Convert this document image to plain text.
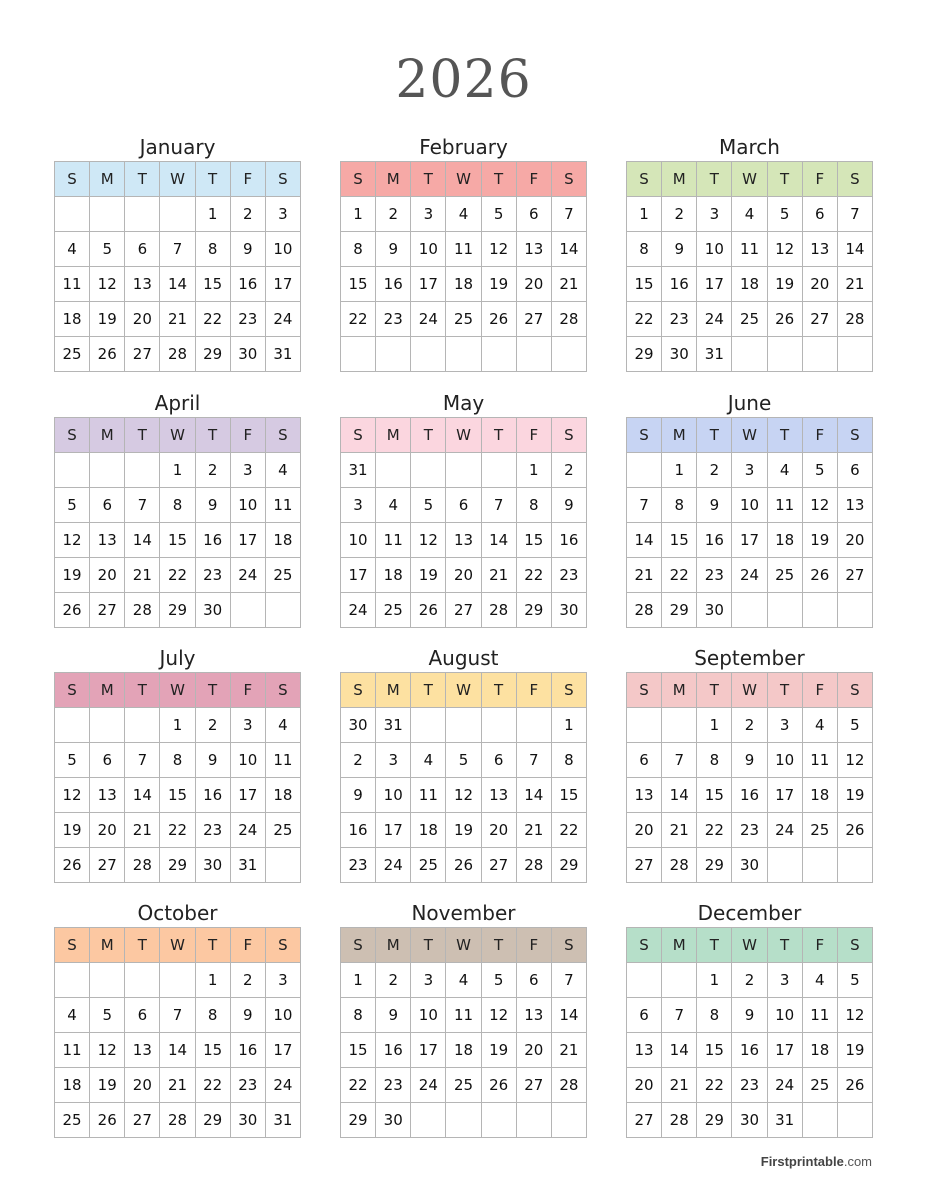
2026
January
S	M	T	W	T	F	S
				1	2	3
4	5	6	7	8	9	10
11	12	13	14	15	16	17
18	19	20	21	22	23	24
25	26	27	28	29	30	31
February
S	M	T	W	T	F	S
1	2	3	4	5	6	7
8	9	10	11	12	13	14
15	16	17	18	19	20	21
22	23	24	25	26	27	28

March
S	M	T	W	T	F	S
1	2	3	4	5	6	7
8	9	10	11	12	13	14
15	16	17	18	19	20	21
22	23	24	25	26	27	28
29	30	31				
April
S	M	T	W	T	F	S
			1	2	3	4
5	6	7	8	9	10	11
12	13	14	15	16	17	18
19	20	21	22	23	24	25
26	27	28	29	30		
May
S	M	T	W	T	F	S
31					1	2
3	4	5	6	7	8	9
10	11	12	13	14	15	16
17	18	19	20	21	22	23
24	25	26	27	28	29	30
June
S	M	T	W	T	F	S
	1	2	3	4	5	6
7	8	9	10	11	12	13
14	15	16	17	18	19	20
21	22	23	24	25	26	27
28	29	30				
July
S	M	T	W	T	F	S
			1	2	3	4
5	6	7	8	9	10	11
12	13	14	15	16	17	18
19	20	21	22	23	24	25
26	27	28	29	30	31	
August
S	M	T	W	T	F	S
30	31					1
2	3	4	5	6	7	8
9	10	11	12	13	14	15
16	17	18	19	20	21	22
23	24	25	26	27	28	29
September
S	M	T	W	T	F	S
		1	2	3	4	5
6	7	8	9	10	11	12
13	14	15	16	17	18	19
20	21	22	23	24	25	26
27	28	29	30			
October
S	M	T	W	T	F	S
				1	2	3
4	5	6	7	8	9	10
11	12	13	14	15	16	17
18	19	20	21	22	23	24
25	26	27	28	29	30	31
November
S	M	T	W	T	F	S
1	2	3	4	5	6	7
8	9	10	11	12	13	14
15	16	17	18	19	20	21
22	23	24	25	26	27	28
29	30					
December
S	M	T	W	T	F	S
		1	2	3	4	5
6	7	8	9	10	11	12
13	14	15	16	17	18	19
20	21	22	23	24	25	26
27	28	29	30	31		
Firstprintable.com
